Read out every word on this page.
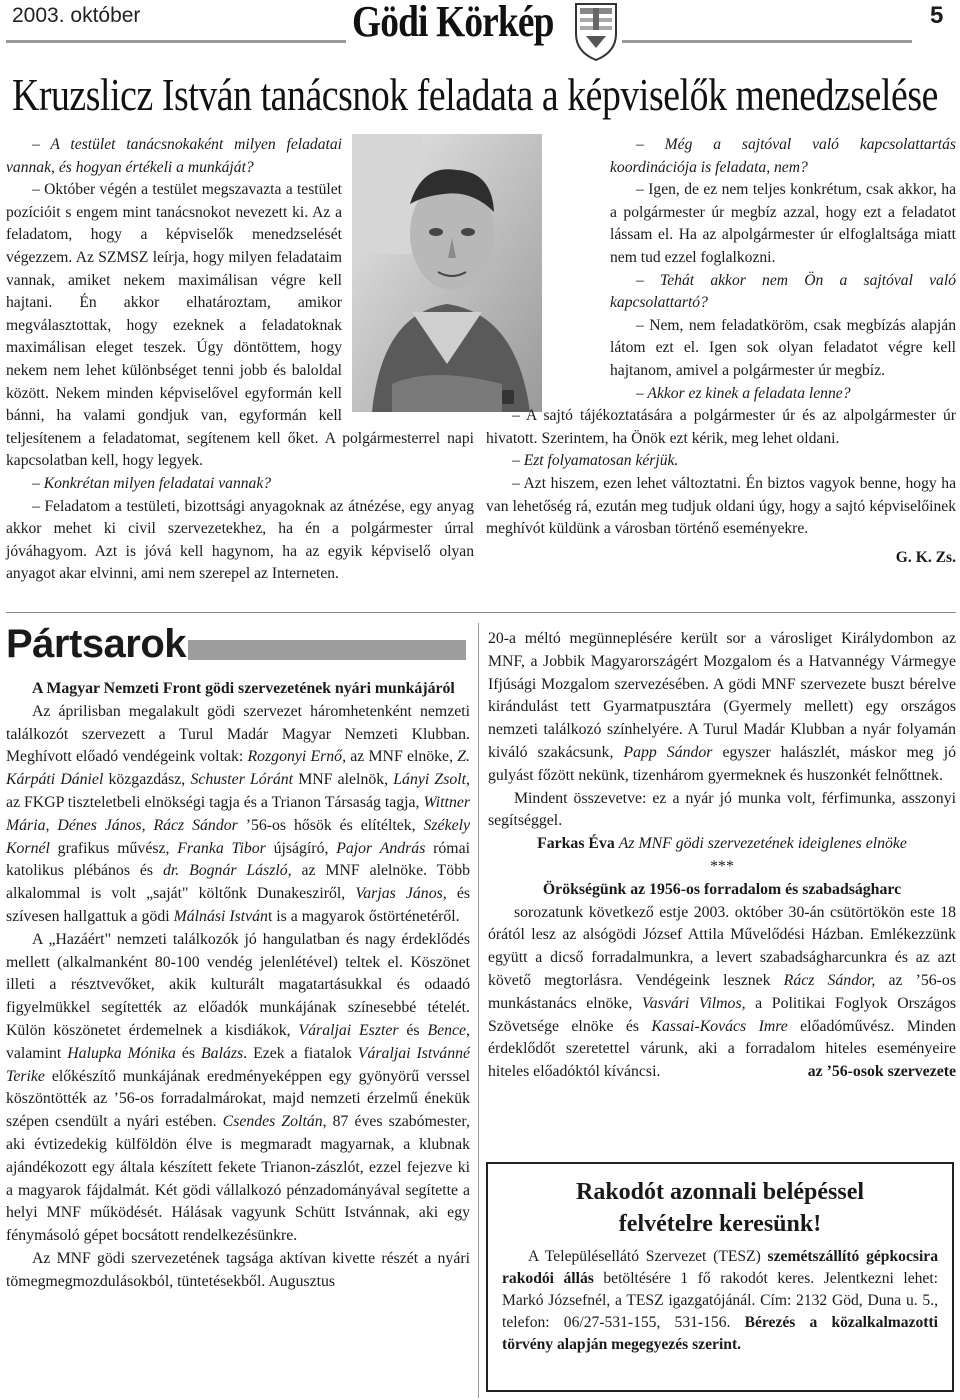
2003. október	Gödi Körkép	5
Kruzslicz István tanácsnok feladata a képviselők menedzselése

– A testület tanácsnokaként milyen feladatai vannak, és hogyan értékeli a munkáját?

– Október végén a testület megszavazta a testület pozícióit s engem mint tanácsnokot nevezett ki. Az a feladatom, hogy a képviselők menedzselését végezzem. Az SZMSZ leírja, hogy milyen feladataim vannak, amiket nekem maximálisan végre kell hajtani. Én akkor elhatároztam, amikor megválasztottak, hogy ezeknek a feladatoknak maximálisan eleget teszek. Úgy döntöttem, hogy nekem nem lehet különbséget tenni jobb és baloldal között. Nekem minden képviselővel egyformán kell bánni, ha valami gondjuk van, egyformán kell teljesítenem a feladatomat, segítenem kell őket. A polgármesterrel napi kapcsolatban kell, hogy legyek.

– Konkrétan milyen feladatai vannak?

– Feladatom a testületi, bizottsági anyagoknak az átnézése, egy anyag akkor mehet ki civil szervezetekhez, ha én a polgármester úrral jóváhagyom. Azt is jóvá kell hagynom, ha az egyik képviselő olyan anyagot akar elvinni, ami nem szerepel az Interneten.

– Még a sajtóval való kapcsolattartás koordinációja is feladata, nem?

– Igen, de ez nem teljes konkrétum, csak akkor, ha a polgármester úr megbíz azzal, hogy ezt a feladatot lássam el. Ha az alpolgármester úr elfoglaltsága miatt nem tud ezzel foglalkozni.

– Tehát akkor nem Ön a sajtóval való kapcsolattartó?

– Nem, nem feladatköröm, csak megbízás alapján látom ezt el. Igen sok olyan feladatot végre kell hajtanom, amivel a polgármester úr megbíz.

– Akkor ez kinek a feladata lenne?

– A sajtó tájékoztatására a polgármester úr és az alpolgármester úr hivatott. Szerintem, ha Önök ezt kérik, meg lehet oldani.

– Ezt folyamatosan kérjük.

– Azt hiszem, ezen lehet változtatni. Én biztos vagyok benne, hogy ha van lehetőség rá, ezután meg tudjuk oldani úgy, hogy a sajtó képviselőinek meghívót küldünk a városban történő eseményekre.

G. K. Zs.

Pártsarok

A Magyar Nemzeti Front gödi szervezetének nyári munkájáról

Az áprilisban megalakult gödi szervezet háromhetenként nemzeti találkozót szervezett a Turul Madár Magyar Nemzeti Klubban. Meghívott előadó vendégeink voltak: Rozgonyi Ernő, az MNF elnöke, Z. Kárpáti Dániel közgazdász, Schuster Lóránt MNF alelnök, Lányi Zsolt, az FKGP tiszteletbeli elnökségi tagja és a Trianon Társaság tagja, Wittner Mária, Dénes János, Rácz Sándor ’56-os hősök és elítéltek, Székely Kornél grafikus művész, Franka Tibor újságíró, Pajor András római katolikus plébános és dr. Bognár László, az MNF alelnöke. Több alkalommal is volt „saját" költőnk Dunakesziről, Varjas János, és szívesen hallgattuk a gödi Málnási Istvánt is a magyarok őstörténetéről.

A „Hazáért" nemzeti találkozók jó hangulatban és nagy érdeklődés mellett (alkalmanként 80-100 vendég jelenlétével) teltek el. Köszönet illeti a résztvevőket, akik kulturált magatartásukkal és odaadó figyelmükkel segítették az előadók munkájának színesebbé tételét. Külön köszönetet érdemelnek a kisdiákok, Váraljai Eszter és Bence, valamint Halupka Mónika és Balázs. Ezek a fiatalok Váraljai Istvánné Terike előkészítő munkájának eredményeképpen egy gyönyörű verssel köszöntötték az ’56-os forradalmárokat, majd nemzeti érzelmű énekük szépen csendült a nyári estében. Csendes Zoltán, 87 éves szabómester, aki évtizedekig külföldön élve is megmaradt magyarnak, a klubnak ajándékozott egy általa készített fekete Trianon-zászlót, ezzel fejezve ki a magyarok fájdalmát. Két gödi vállalkozó pénzadományával segítette a helyi MNF működését. Hálásak vagyunk Schütt Istvánnak, aki egy fénymásoló gépet bocsátott rendelkezésünkre.

Az MNF gödi szervezetének tagsága aktívan kivette részét a nyári tömegmegmozdulásokból, tüntetésekből. Augusztus

20-a méltó megünneplésére került sor a városliget Királydombon az MNF, a Jobbik Magyarországért Mozgalom és a Hatvannégy Vármegye Ifjúsági Mozgalom szervezésében. A gödi MNF szervezete buszt bérelve kirándulást tett Gyarmatpusztára (Gyermely mellett) egy országos nemzeti találkozó színhelyére. A Turul Madár Klubban a nyár folyamán kiváló szakácsunk, Papp Sándor egyszer halászlét, máskor meg jó gulyást főzött nekünk, tizenhárom gyermeknek és huszonkét felnőttnek.

Mindent összevetve: ez a nyár jó munka volt, férfimunka, asszonyi segítséggel.

Farkas Éva Az MNF gödi szervezetének ideiglenes elnöke

***

Örökségünk az 1956-os forradalom és szabadságharc

sorozatunk következő estje 2003. október 30-án csütörtökön este 18 órától lesz az alsógödi József Attila Művelődési Házban. Emlékezzünk együtt a dicső forradalmunkra, a levert szabadságharcunkra és az azt követő megtorlásra. Vendégeink lesznek Rácz Sándor, az ’56-os munkástanács elnöke, Vasvári Vilmos, a Politikai Foglyok Országos Szövetsége elnöke és Kassai-Kovács Imre előadóművész. Minden érdeklődőt szeretettel várunk, aki a forradalom hiteles eseményeire hiteles előadóktól kíváncsi.	az ’56-osok szervezete

Rakodót azonnali belépéssel
felvételre keresünk!
A Településellátó Szervezet (TESZ) szemétszállító gépkocsira rakodói állás betöltésére 1 fő rakodót keres. Jelentkezni lehet: Markó Józsefnél, a TESZ igazgatójánál. Cím: 2132 Göd, Duna u. 5., telefon: 06/27-531-155, 531-156. Bérezés a közalkalmazotti törvény alapján megegyezés szerint.
